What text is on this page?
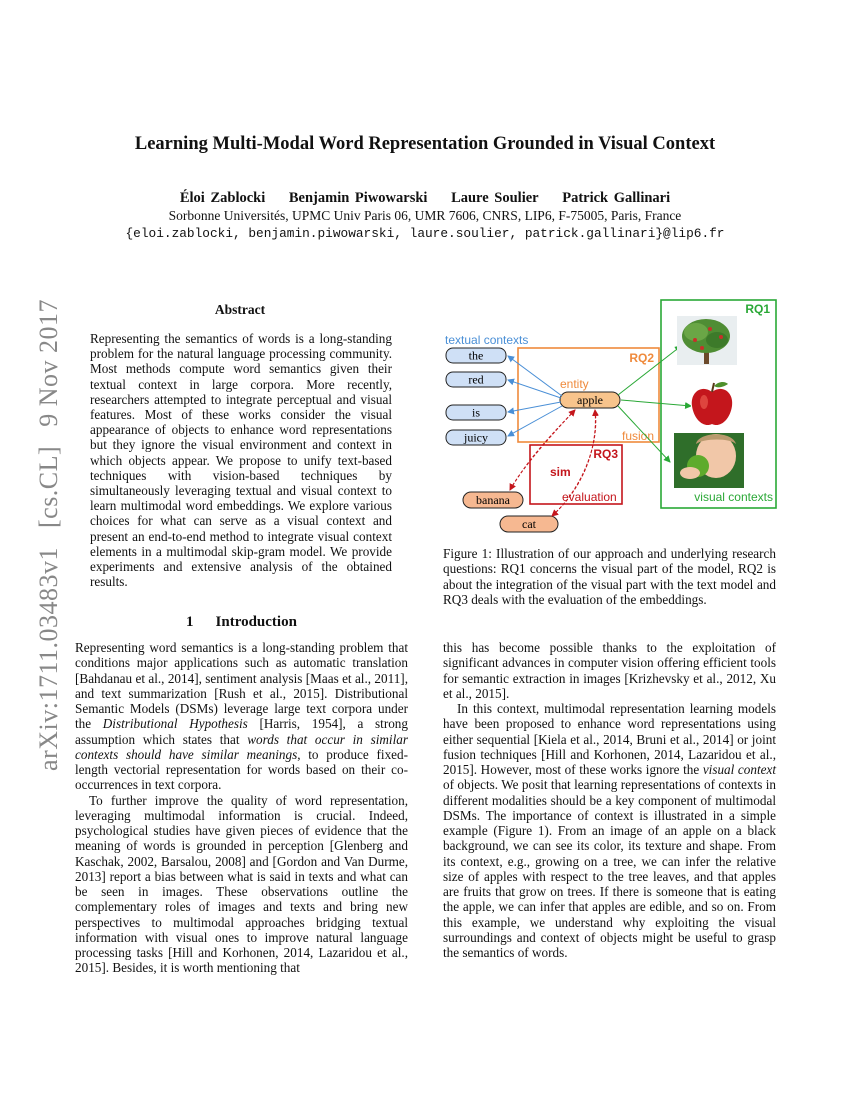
Learning Multi-Modal Word Representation Grounded in Visual Context
Éloi Zablocki Benjamin Piwowarski Laure Soulier Patrick Gallinari
Sorbonne Universités, UPMC Univ Paris 06, UMR 7606, CNRS, LIP6, F-75005, Paris, France
{eloi.zablocki, benjamin.piwowarski, laure.soulier, patrick.gallinari}@lip6.fr
arXiv:1711.03483v1 [cs.CL] 9 Nov 2017	Abstract
Representing the semantics of words is a long-standing problem for the natural language processing community. Most methods compute word semantics given their textual context in large corpora. More recently, researchers attempted to integrate perceptual and visual features. Most of these works consider the visual appearance of objects to enhance word representations but they ignore the visual environment and context in which objects appear. We propose to unify text-based techniques with vision-based techniques by simultaneously leveraging textual and visual context to learn multimodal word embeddings. We explore various choices for what can serve as a visual context and present an end-to-end method to integrate visual context elements in a multimodal skip-gram model. We provide experiments and extensive analysis of the obtained results.
RQ1
visual contexts
RQ2
entity
fusion
RQ3
sim
evaluation
textual contexts
the
red
is
juicy
apple
banana
cat
Figure 1: Illustration of our approach and underlying research questions: RQ1 concerns the visual part of the model, RQ2 is about the integration of the visual part with the text model and RQ3 deals with the evaluation of the embeddings.
1 Introduction

Representing word semantics is a long-standing problem that conditions major applications such as automatic translation [Bahdanau et al., 2014], sentiment analysis [Maas et al., 2011], and text summarization [Rush et al., 2015]. Distributional Semantic Models (DSMs) leverage large text corpora under the Distributional Hypothesis [Harris, 1954], a strong assumption which states that words that occur in similar contexts should have similar meanings, to produce fixed-length vectorial representation for words based on their co-occurrences in text corpora.

To further improve the quality of word representation, leveraging multimodal information is crucial. Indeed, psychological studies have given pieces of evidence that the meaning of words is grounded in perception [Glenberg and Kaschak, 2002, Barsalou, 2008] and [Gordon and Van Durme, 2013] report a bias between what is said in texts and what can be seen in images. These observations outline the complementary roles of images and texts and bring new perspectives to multimodal approaches bridging textual information with visual ones to improve natural language processing tasks [Hill and Korhonen, 2014, Lazaridou et al., 2015]. Besides, it is worth mentioning that

this has become possible thanks to the exploitation of significant advances in computer vision offering efficient tools for semantic extraction in images [Krizhevsky et al., 2012, Xu et al., 2015].

In this context, multimodal representation learning models have been proposed to enhance word representations using either sequential [Kiela et al., 2014, Bruni et al., 2014] or joint fusion techniques [Hill and Korhonen, 2014, Lazaridou et al., 2015]. However, most of these works ignore the visual context of objects. We posit that learning representations of contexts in different modalities should be a key component of multimodal DSMs. The importance of context is illustrated in a simple example (Figure 1). From an image of an apple on a black background, we can see its color, its texture and shape. From its context, e.g., growing on a tree, we can infer the relative size of apples with respect to the tree leaves, and that apples are fruits that grow on trees. If there is someone that is eating the apple, we can infer that apples are edible, and so on. From this example, we understand why exploiting the visual surroundings and context of objects might be useful to grasp the semantics of words.
